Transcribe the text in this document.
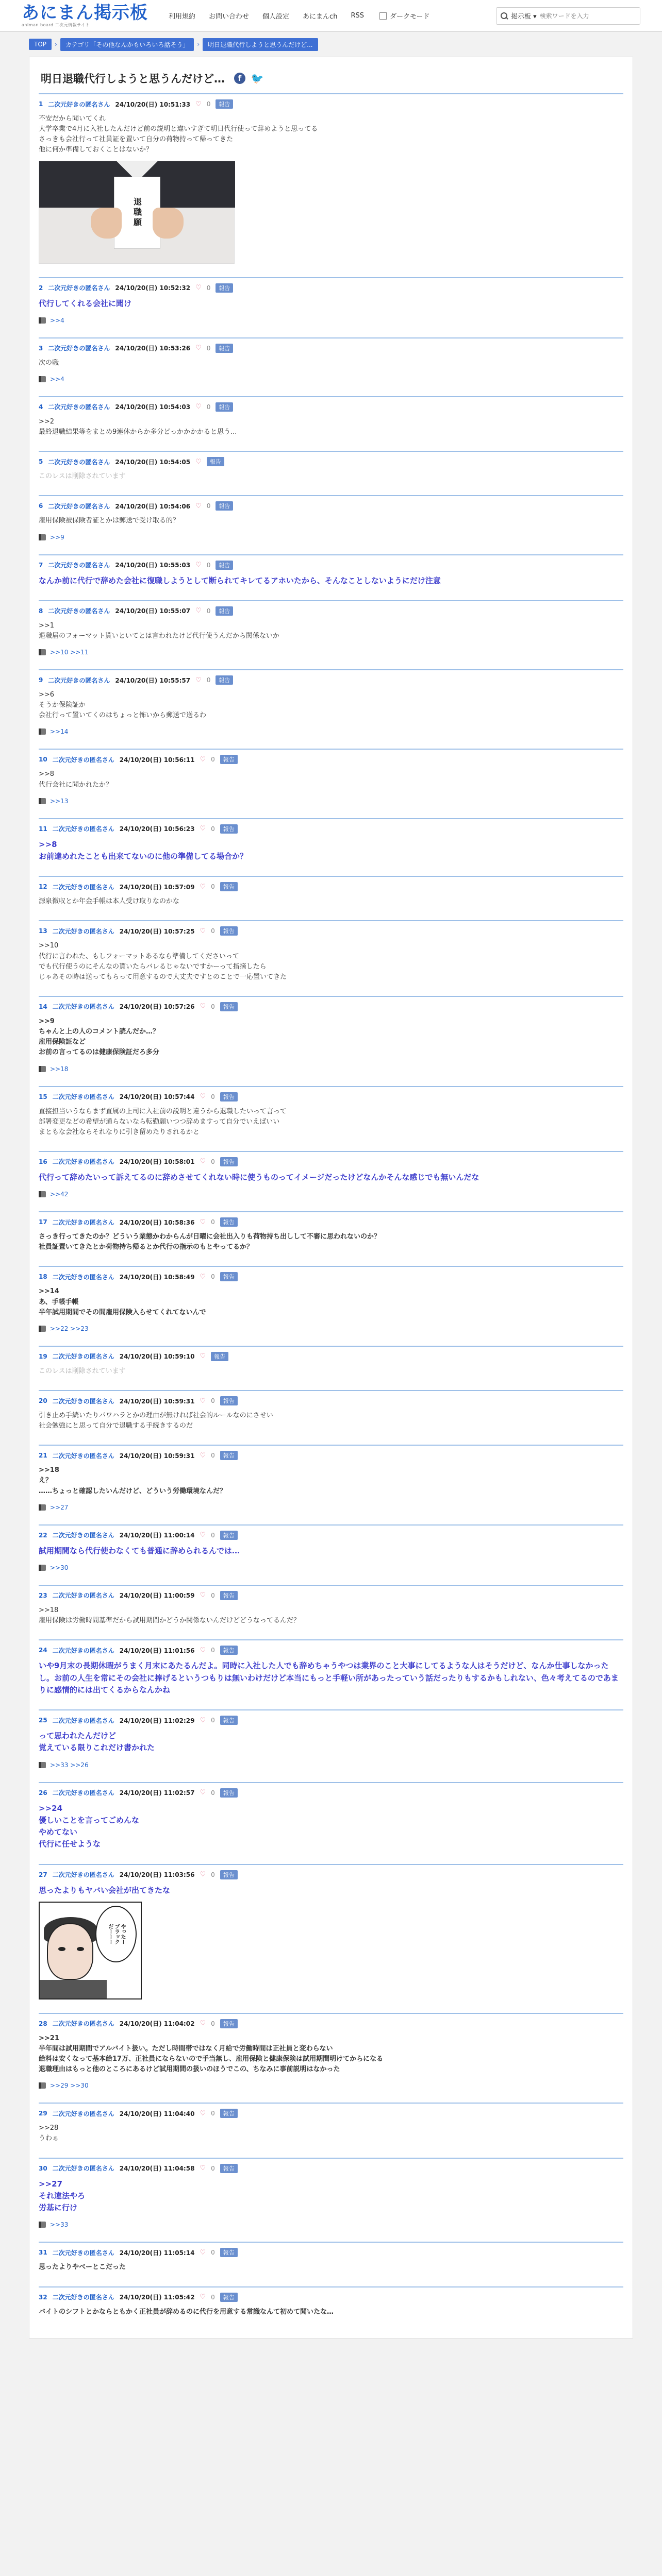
あにまん掲示板
animan board 二次元情報サイト
利用規約 お問い合わせ 個人設定 あにまんch RSS	ダークモード	掲示板 ▾
検索ワードを入力
TOP	›	カテゴリ「その他なんかもいろいろ話そう」	›	明日退職代行しようと思うんだけど...
明日退職代行しようと思うんだけど…	f 🐦
1 二次元好きの匿名さん 24/10/20(日) 10:51:33 ♡ 0	報告
不安だから聞いてくれ
大学卒業で4月に入社したんだけど前の説明と違いすぎて明日代行使って辞めようと思ってる
さっきも会社行って社員証を置いて自分の荷物持って帰ってきた
他に何か準備しておくことはないか？
退職願
2 二次元好きの匿名さん 24/10/20(日) 10:52:32 ♡ 0	報告
代行してくれる会社に聞け
>>4
3 二次元好きの匿名さん 24/10/20(日) 10:53:26 ♡ 0	報告
次の職
>>4
4 二次元好きの匿名さん 24/10/20(日) 10:54:03 ♡ 0	報告
>>2
最終退職結果等をまとめ9連休からか多分どっかかかかると思う...
5 二次元好きの匿名さん 24/10/20(日) 10:54:05 ♡	報告
このレスは削除されています
6 二次元好きの匿名さん 24/10/20(日) 10:54:06 ♡ 0	報告
雇用保険被保険者証とかは郵送で受け取る的？
>>9
7 二次元好きの匿名さん 24/10/20(日) 10:55:03 ♡ 0	報告
なんか前に代行で辞めた会社に復職しようとして断られてキレてるアホいたから、そんなことしないようにだけ注意
8 二次元好きの匿名さん 24/10/20(日) 10:55:07 ♡ 0	報告
>>1
退職届のフォーマット貰いといてとは言われたけど代行使うんだから関係ないか
>>10 >>11
9 二次元好きの匿名さん 24/10/20(日) 10:55:57 ♡ 0	報告
>>6
そうか保険証か
会社行って置いてくのはちょっと怖いから郵送で送るわ
>>14
10 二次元好きの匿名さん 24/10/20(日) 10:56:11 ♡ 0	報告
>>8
代行会社に聞かれたか？
>>13
11 二次元好きの匿名さん 24/10/20(日) 10:56:23 ♡ 0	報告
>>8
お前達めれたことも出来てないのに他の準備してる場合か？
12 二次元好きの匿名さん 24/10/20(日) 10:57:09 ♡ 0	報告
源泉徴収とか年金手帳は本人受け取りなのかな
13 二次元好きの匿名さん 24/10/20(日) 10:57:25 ♡ 0	報告
>>10
代行に言われた、もしフォーマットあるなら準備してくださいって
でも代行使うのにそんなの貰いたらバレるじゃないですかーって指摘したら
じゃあその時は送ってもらって用意するので大丈夫ですとのことで一応置いてきた
14 二次元好きの匿名さん 24/10/20(日) 10:57:26 ♡ 0	報告
>>9
ちゃんと上の人のコメント読んだか…？
雇用保険証など
お前の言ってるのは健康保険証だろ多分
>>18
15 二次元好きの匿名さん 24/10/20(日) 10:57:44 ♡ 0	報告
直接担当いうならまず直属の上司に入社前の説明と違うから退職したいって言って
部署変更などの希望が通らないなら転勤願いつつ辞めますって自分でいえばいい
まともな会社ならそれなりに引き留めたりされるかと
16 二次元好きの匿名さん 24/10/20(日) 10:58:01 ♡ 0	報告
代行って辞めたいって訴えてるのに辞めさせてくれない時に使うものってイメージだったけどなんかそんな感じでも無いんだな
>>42
17 二次元好きの匿名さん 24/10/20(日) 10:58:36 ♡ 0	報告
さっき行ってきたのか？どういう業態かわからんが日曜に会社出入りも荷物持ち出しして不審に思われないのか？
社員証置いてきたとか荷物持ち帰るとか代行の指示のもとやってるか？
18 二次元好きの匿名さん 24/10/20(日) 10:58:49 ♡ 0	報告
>>14
あ、手帳手帳
半年試用期間でその間雇用保険入らせてくれてないんで
>>22 >>23
19 二次元好きの匿名さん 24/10/20(日) 10:59:10 ♡	報告
このレスは削除されています
20 二次元好きの匿名さん 24/10/20(日) 10:59:31 ♡ 0	報告
引き止め手続いたりパワハラとかの理由が無ければ社会的ルールなのにさせい
社会勉強にと思って自分で退職する手続きするのだ
21 二次元好きの匿名さん 24/10/20(日) 10:59:31 ♡ 0	報告
>>18
え？
……ちょっと確認したいんだけど、どういう労働環境なんだ？
>>27
22 二次元好きの匿名さん 24/10/20(日) 11:00:14 ♡ 0	報告
試用期間なら代行使わなくても普通に辞められるんでは…
>>30
23 二次元好きの匿名さん 24/10/20(日) 11:00:59 ♡ 0	報告
>>18
雇用保険は労働時間基準だから試用期間かどうか関係ないんだけどどうなってるんだ？
24 二次元好きの匿名さん 24/10/20(日) 11:01:56 ♡ 0	報告
いや9月末の長期休暇がうまく月末にあたるんだよ。同時に入社した人でも辞めちゃうやつは業界のこと大事にしてるような人はそうだけど、なんか仕事しなかったし。お前の人生を常にその会社に捧げるというつもりは無いわけだけど本当にもっと手軽い所があったっていう話だったりもするかもしれない、色々考えてるのであまりに感情的には出てくるからなんかね
25 二次元好きの匿名さん 24/10/20(日) 11:02:29 ♡ 0	報告
って思われたんだけど
覚えている限りこれだけ書かれた
>>33 >>26
26 二次元好きの匿名さん 24/10/20(日) 11:02:57 ♡ 0	報告
>>24
優しいことを言ってごめんな
やめてない
代行に任せような
27 二次元好きの匿名さん 24/10/20(日) 11:03:56 ♡ 0	報告
思ったよりもヤバい会社が出てきたな
やったー
ブラック
だーーー
28 二次元好きの匿名さん 24/10/20(日) 11:04:02 ♡ 0	報告
>>21
半年間は試用期間でアルバイト扱い。ただし時間帯ではなく月給で労働時間は正社員と変わらない
給料は安くなって基本給17万、正社員にならないので手当無し、雇用保険と健康保険は試用期間明けてからになる
退職理由はもっと他のところにあるけど試用期間の扱いのほうでこの、ちなみに事前説明はなかった
>>29 >>30
29 二次元好きの匿名さん 24/10/20(日) 11:04:40 ♡ 0	報告
>>28
うわぁ
30 二次元好きの匿名さん 24/10/20(日) 11:04:58 ♡ 0	報告
>>27
それ違法やろ
労基に行け
>>33
31 二次元好きの匿名さん 24/10/20(日) 11:05:14 ♡ 0	報告
思ったよりやべーとこだった
32 二次元好きの匿名さん 24/10/20(日) 11:05:42 ♡ 0	報告
バイトのシフトとかならともかく正社員が辞めるのに代行を用意する常識なんて初めて聞いたな…
